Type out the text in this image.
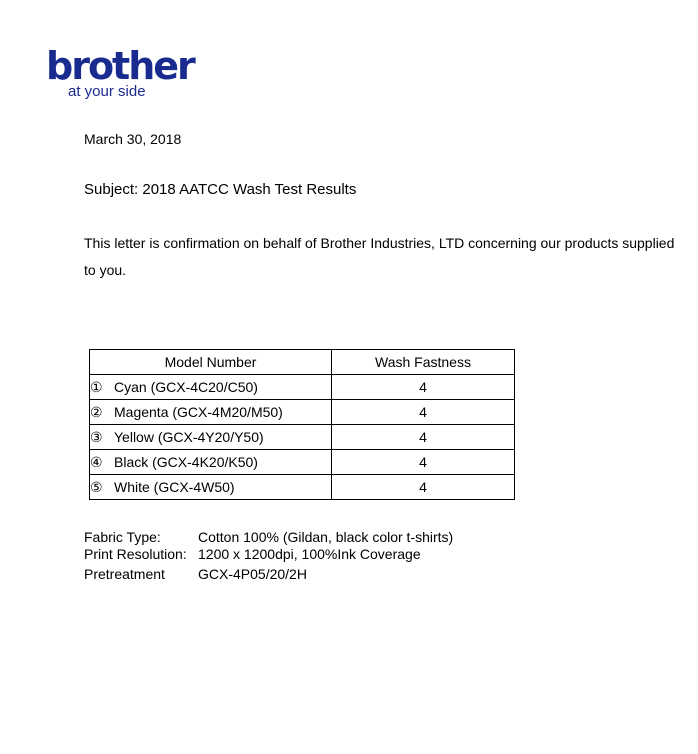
brother
at your side
March 30, 2018
Subject: 2018 AATCC Wash Test Results
This letter is confirmation on behalf of Brother Industries, LTD concerning our products supplied to you.
Model Number	Wash Fastness
① Cyan (GCX-4C20/C50)	4
② Magenta (GCX-4M20/M50)	4
③ Yellow (GCX-4Y20/Y50)	4
④ Black (GCX-4K20/K50)	4
⑤ White (GCX-4W50)	4
Fabric Type:	Cotton 100% (Gildan, black color t-shirts)
Print Resolution: 1200 x 1200dpi, 100%Ink Coverage
Pretreatment	GCX-4P05/20/2H
